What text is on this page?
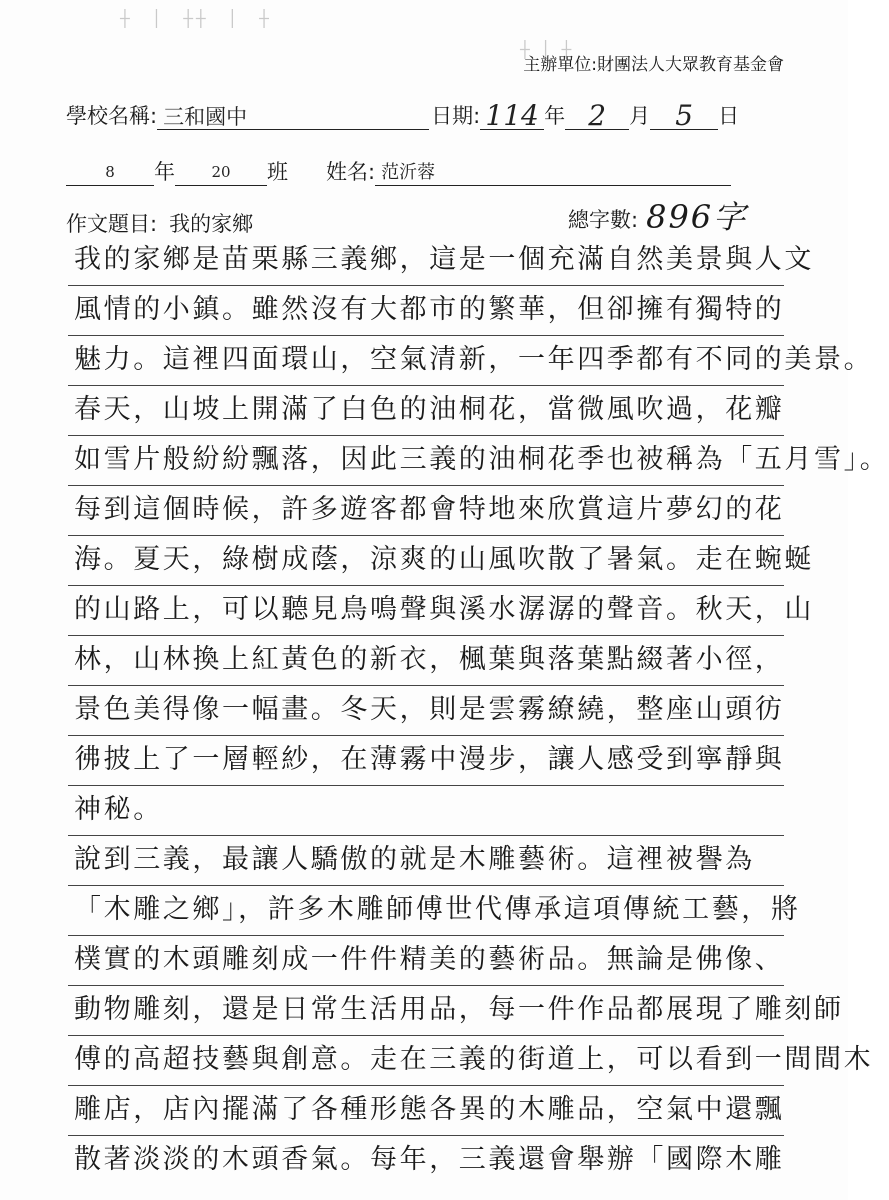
┼　│　┼┼　│　┼
┼ │ ┼
主辦單位:財團法人大眾教育基金會
學校名稱: 三和國中	日期: 114 年 2	月 5	日
8	年	20	班 姓名: 范沂蓉
作文題目: 我的家鄉	總字數: 896字
我的家鄉是苗栗縣三義鄉，這是一個充滿自然美景與人文
風情的小鎮。雖然沒有大都市的繁華，但卻擁有獨特的
魅力。這裡四面環山，空氣清新，一年四季都有不同的美景。
春天，山坡上開滿了白色的油桐花，當微風吹過，花瓣
如雪片般紛紛飄落，因此三義的油桐花季也被稱為「五月雪」。
每到這個時候，許多遊客都會特地來欣賞這片夢幻的花
海。夏天，綠樹成蔭，涼爽的山風吹散了暑氣。走在蜿蜒
的山路上，可以聽見鳥鳴聲與溪水潺潺的聲音。秋天，山
林，山林換上紅黃色的新衣，楓葉與落葉點綴著小徑，
景色美得像一幅畫。冬天，則是雲霧繚繞，整座山頭彷
彿披上了一層輕紗，在薄霧中漫步，讓人感受到寧靜與
神秘。
說到三義，最讓人驕傲的就是木雕藝術。這裡被譽為
「木雕之鄉」，許多木雕師傅世代傳承這項傳統工藝，將
樸實的木頭雕刻成一件件精美的藝術品。無論是佛像、
動物雕刻，還是日常生活用品，每一件作品都展現了雕刻師
傅的高超技藝與創意。走在三義的街道上，可以看到一間間木
雕店，店內擺滿了各種形態各異的木雕品，空氣中還飄
散著淡淡的木頭香氣。每年，三義還會舉辦「國際木雕
